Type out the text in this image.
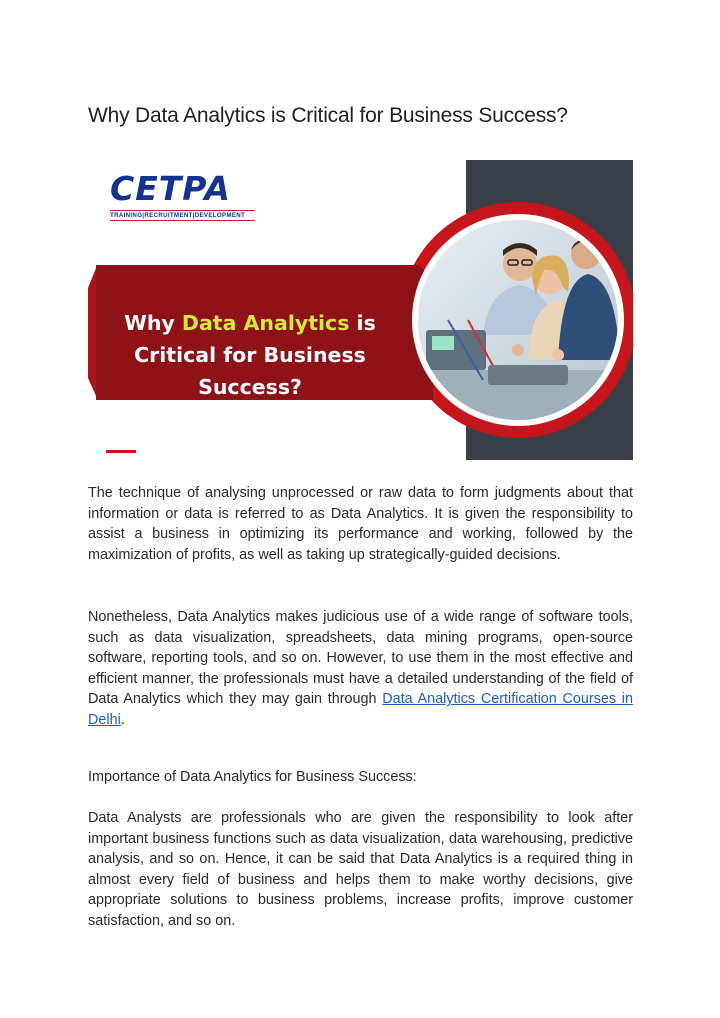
Why Data Analytics is Critical for Business Success?
CETPA
TRAINING|RECRUITMENT|DEVELOPMENT
Why Data Analytics is
Critical for Business
Success?

The technique of analysing unprocessed or raw data to form judgments about that information or data is referred to as Data Analytics. It is given the responsibility to assist a business in optimizing its performance and working, followed by the maximization of profits, as well as taking up strategically-guided decisions.

Nonetheless, Data Analytics makes judicious use of a wide range of software tools, such as data visualization, spreadsheets, data mining programs, open-source software, reporting tools, and so on. However, to use them in the most effective and efficient manner, the professionals must have a detailed understanding of the field of Data Analytics which they may gain through Data Analytics Certification Courses in Delhi.

Importance of Data Analytics for Business Success:

Data Analysts are professionals who are given the responsibility to look after important business functions such as data visualization, data warehousing, predictive analysis, and so on. Hence, it can be said that Data Analytics is a required thing in almost every field of business and helps them to make worthy decisions, give appropriate solutions to business problems, increase profits, improve customer satisfaction, and so on.
